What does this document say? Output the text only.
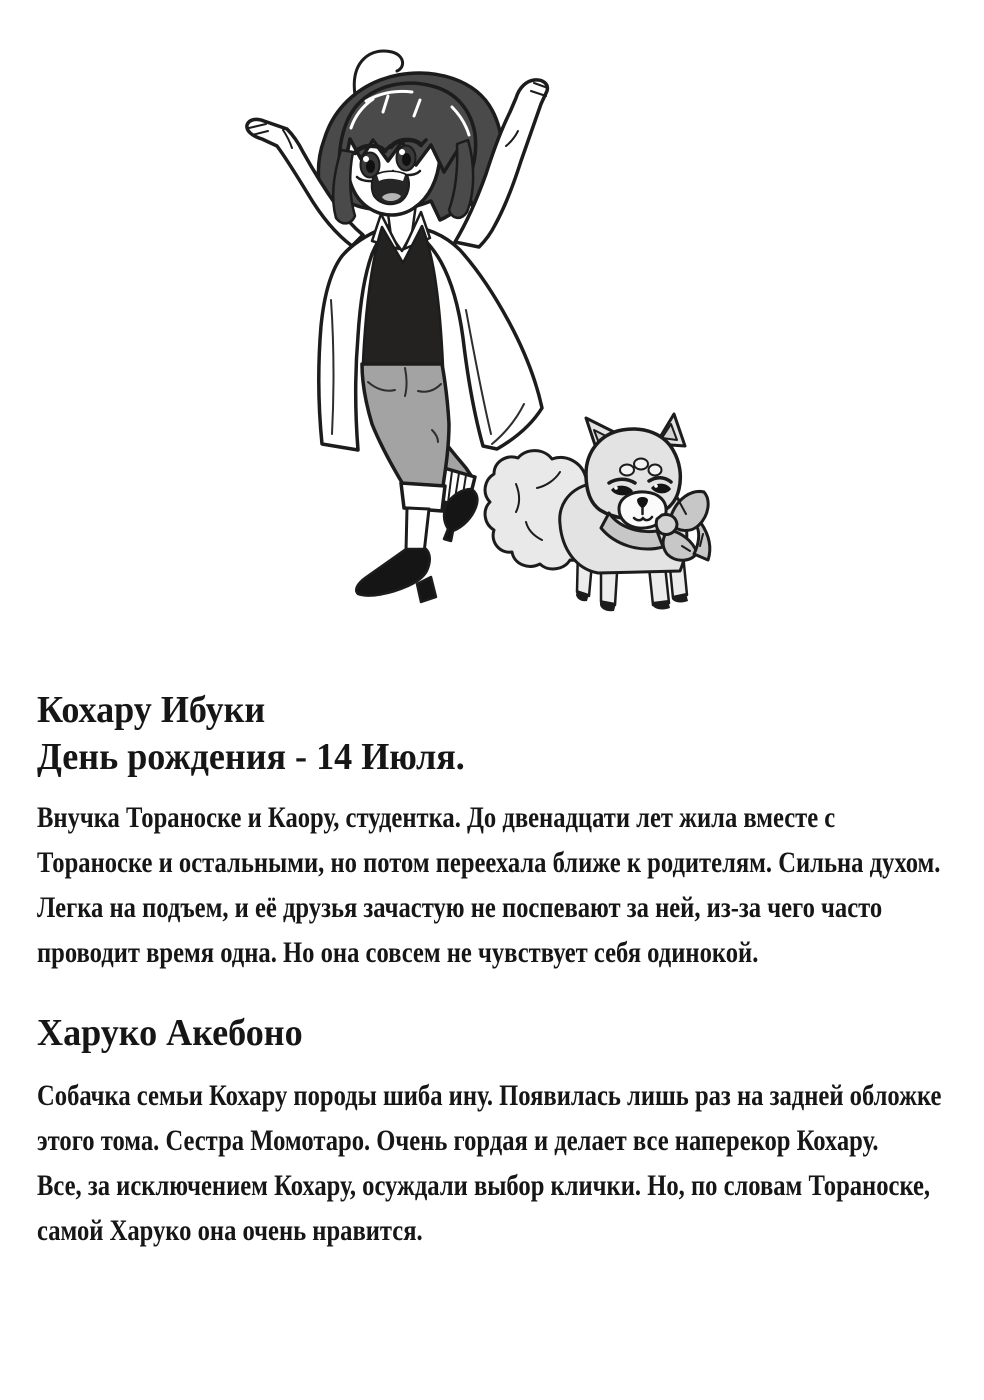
Кохару Ибуки
День рождения - 14 Июля.
Внучка Тораноске и Каору, студентка. До двенадцати лет жила вместе с
Тораноске и остальными, но потом переехала ближе к родителям. Сильна духом.
Легка на подъем, и её друзья зачастую не поспевают за ней, из-за чего часто
проводит время одна. Но она совсем не чувствует себя одинокой.
Харуко Акебоно
Собачка семьи Кохару породы шиба ину. Появилась лишь раз на задней обложке
этого тома. Сестра Момотаро. Очень гордая и делает все наперекор Кохару.
Все, за исключением Кохару, осуждали выбор клички. Но, по словам Тораноске,
самой Харуко она очень нравится.
